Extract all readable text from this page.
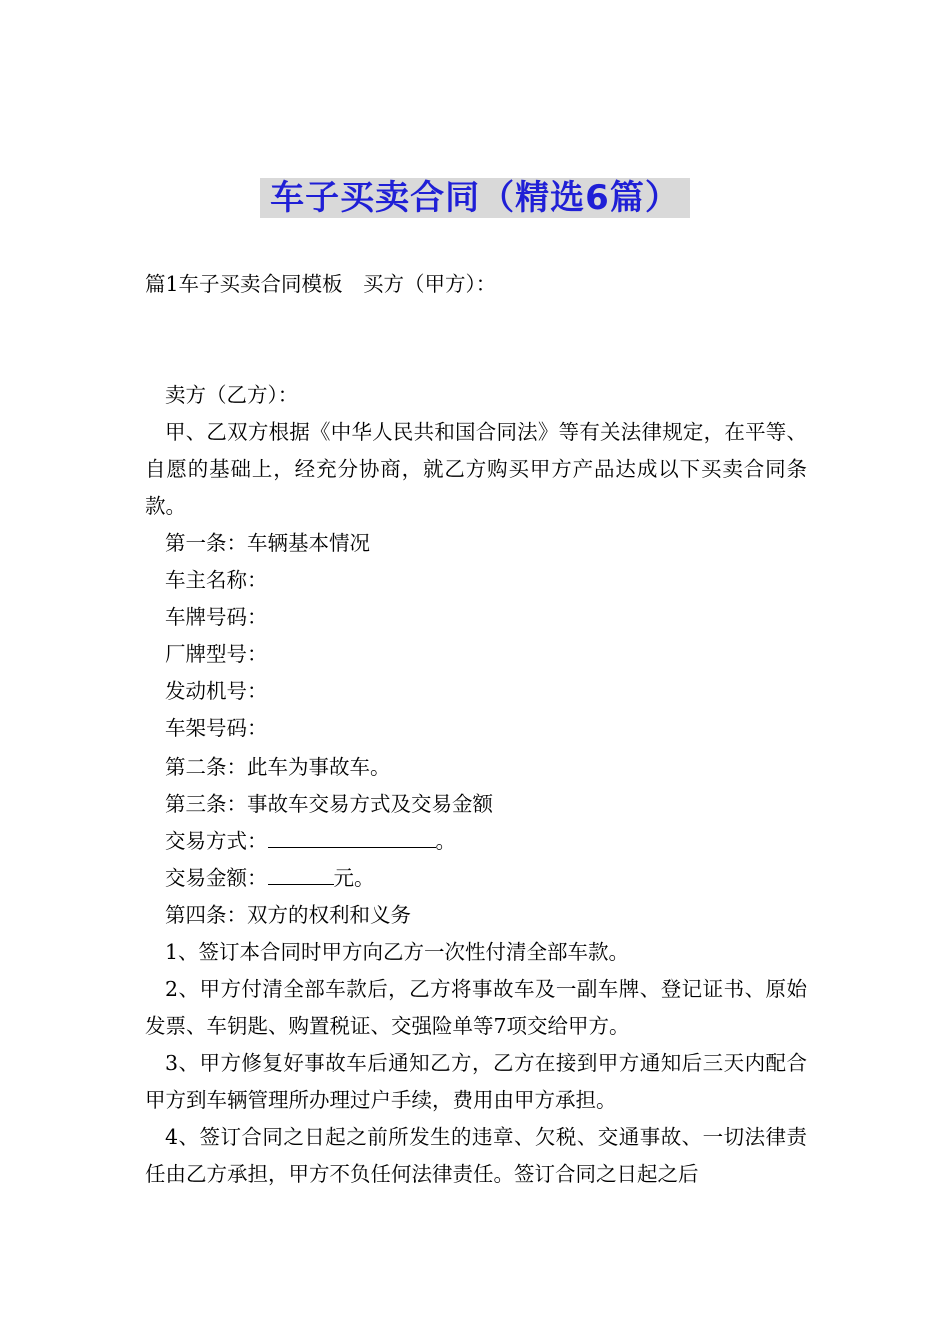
车子买卖合同（精选6篇）
篇1车子买卖合同模板　买方（甲方）：
卖方（乙方）：
甲、乙双方根据《中华人民共和国合同法》等有关法律规定，在平等、自愿的基础上，经充分协商，就乙方购买甲方产品达成以下买卖合同条款。
第一条：车辆基本情况
车主名称：
车牌号码：
厂牌型号：
发动机号：
车架号码：
第二条：此车为事故车。
第三条：事故车交易方式及交易金额
交易方式：	。
交易金额：	元。
第四条：双方的权利和义务
1、签订本合同时甲方向乙方一次性付清全部车款。
2、甲方付清全部车款后，乙方将事故车及一副车牌、登记证书、原始发票、车钥匙、购置税证、交强险单等7项交给甲方。
3、甲方修复好事故车后通知乙方，乙方在接到甲方通知后三天内配合甲方到车辆管理所办理过户手续，费用由甲方承担。
4、签订合同之日起之前所发生的违章、欠税、交通事故、一切法律责任由乙方承担，甲方不负任何法律责任。签订合同之日起之后
